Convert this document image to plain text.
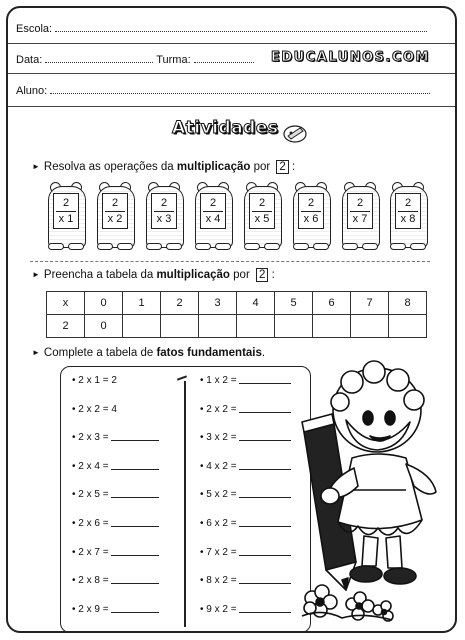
Escola:
Data:	Turma:	EDUCALUNOS.COM
Aluno:
Atividades
► Resolva as operações da multiplicação por 2 :
2
x 1
2
x 2
2
x 3
2
x 4
2
x 5
2
x 6
2
x 7
2
x 8
► Preencha a tabela da multiplicação por 2 :
x	0	1	2	3	4	5	6	7	8
2	0								
► Complete a tabela de fatos fundamentais.
• 2 x 1 = 2
• 2 x 2 = 4
• 2 x 3 =
• 2 x 4 =
• 2 x 5 =
• 2 x 6 =
• 2 x 7 =
• 2 x 8 =
• 2 x 9 =
• 1 x 2 =
• 2 x 2 =
• 3 x 2 =
• 4 x 2 =
• 5 x 2 =
• 6 x 2 =
• 7 x 2 =
• 8 x 2 =
• 9 x 2 =
